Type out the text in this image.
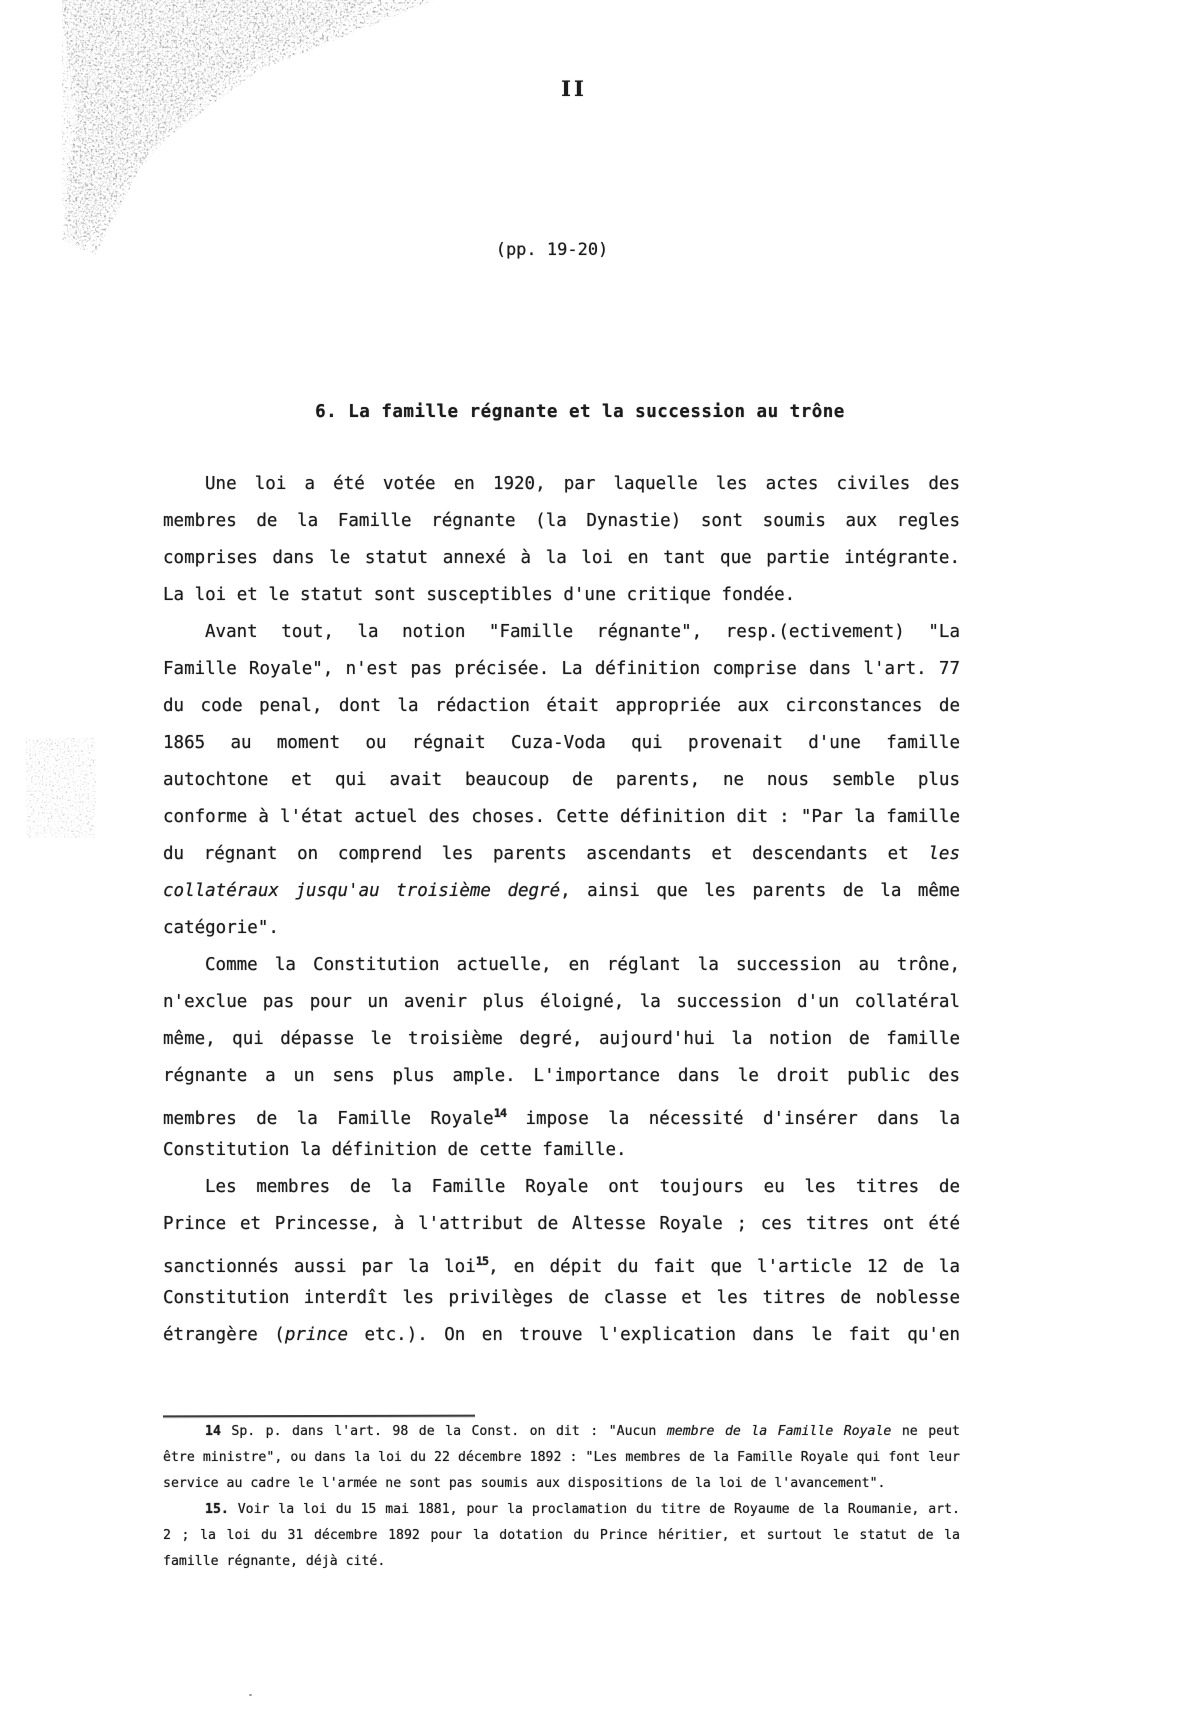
II
(pp. 19-20)
6. La famille régnante et la succession au trône
Une loi a été votée en 1920, par laquelle les actes civiles des
membres de la Famille régnante (la Dynastie) sont soumis aux regles
comprises dans le statut annexé à la loi en tant que partie intégrante.
La loi et le statut sont susceptibles d'une critique fondée.
Avant tout, la notion "Famille régnante", resp.(ectivement) "La
Famille Royale", n'est pas précisée. La définition comprise dans l'art. 77
du code penal, dont la rédaction était appropriée aux circonstances de
1865 au moment ou régnait Cuza-Voda qui provenait d'une famille
autochtone et qui avait beaucoup de parents, ne nous semble plus
conforme à l'état actuel des choses. Cette définition dit : "Par la famille
du régnant on comprend les parents ascendants et descendants et les
collatéraux jusqu'au troisième degré, ainsi que les parents de la même
catégorie".
Comme la Constitution actuelle, en réglant la succession au trône,
n'exclue pas pour un avenir plus éloigné, la succession d'un collatéral
même, qui dépasse le troisième degré, aujourd'hui la notion de famille
régnante a un sens plus ample. L'importance dans le droit public des
membres de la Famille Royale$^{14}$ impose la nécessité d'insérer dans la
Constitution la définition de cette famille.
Les membres de la Famille Royale ont toujours eu les titres de
Prince et Princesse, à l'attribut de Altesse Royale ; ces titres ont été
sanctionnés aussi par la loi$^{15}$, en dépit du fait que l'article 12 de la
Constitution interdît les privilèges de classe et les titres de noblesse
étrangère (prince etc.). On en trouve l'explication dans le fait qu'en
14 Sp. p. dans l'art. 98 de la Const. on dit : "Aucun membre de la Famille Royale ne peut
être ministre", ou dans la loi du 22 décembre 1892 : "Les membres de la Famille Royale qui font leur
service au cadre le l'armée ne sont pas soumis aux dispositions de la loi de l'avancement".
15. Voir la loi du 15 mai 1881, pour la proclamation du titre de Royaume de la Roumanie, art.
2 ; la loi du 31 décembre 1892 pour la dotation du Prince héritier, et surtout le statut de la
famille régnante, déjà cité.
